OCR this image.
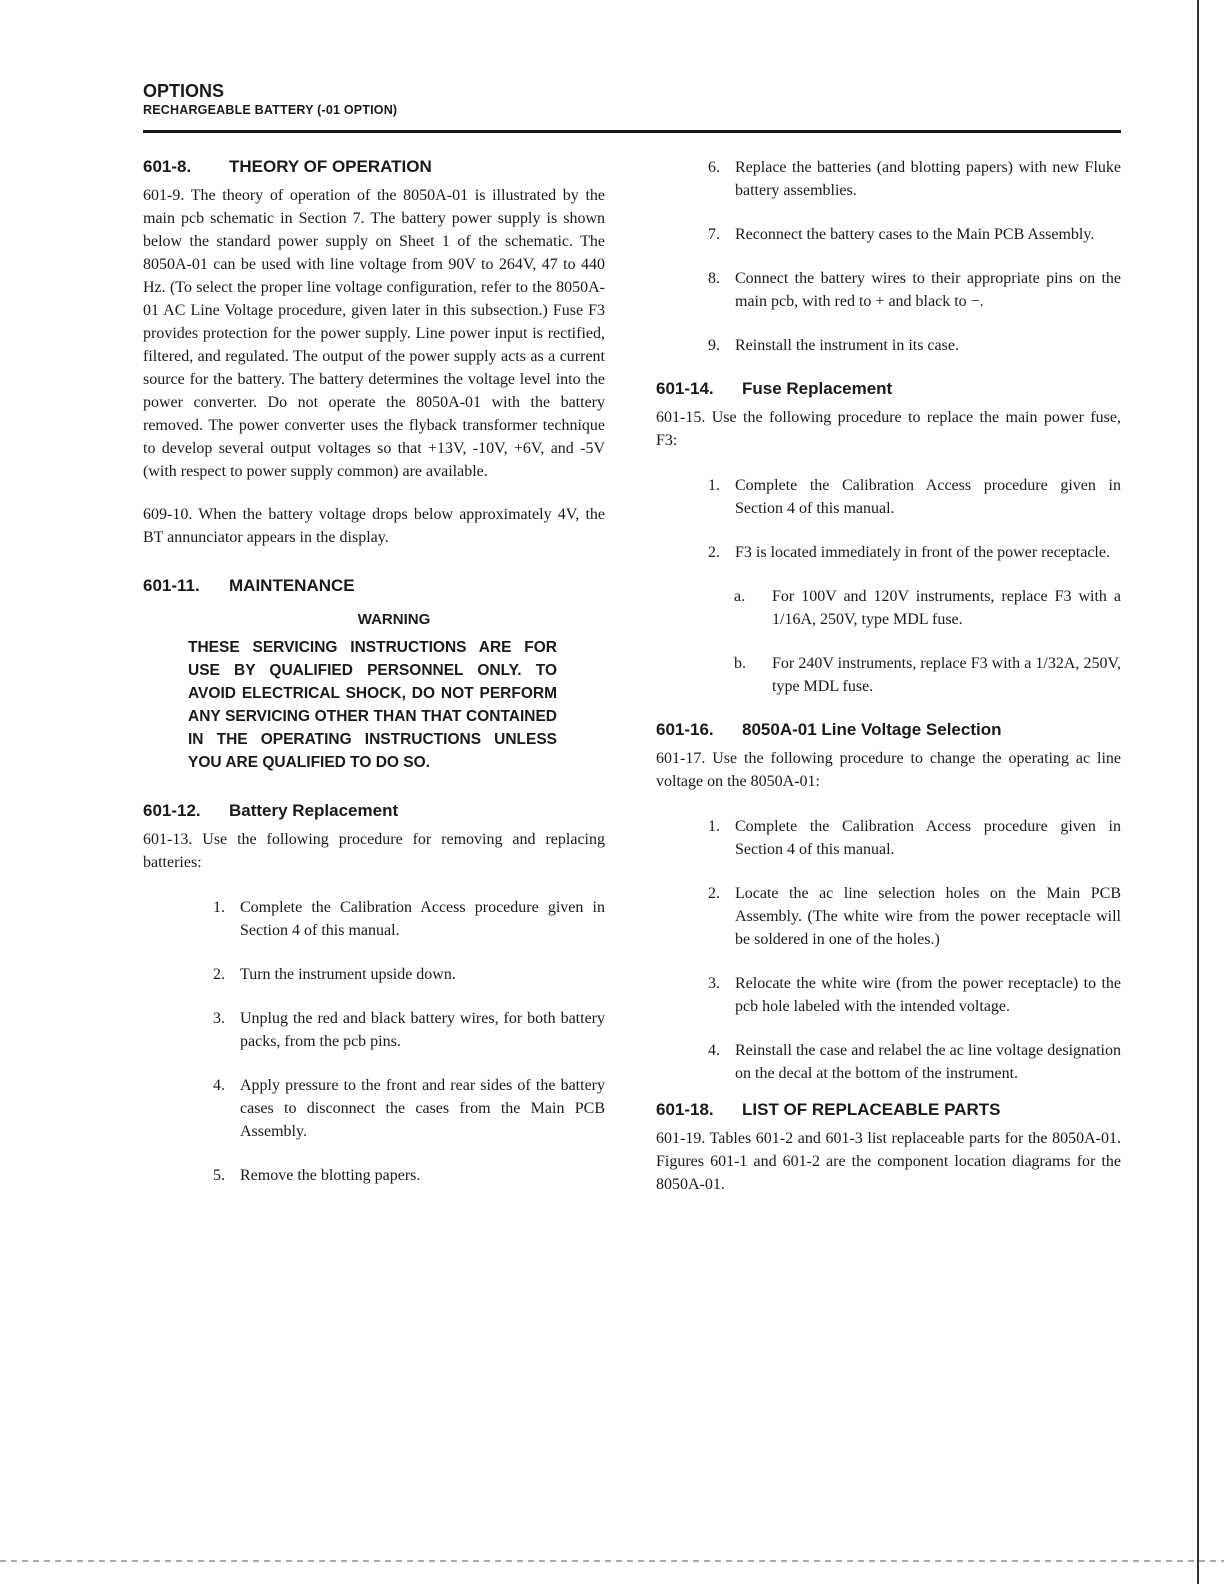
OPTIONS
RECHARGEABLE BATTERY (-01 OPTION)
601-8. THEORY OF OPERATION

601-9. The theory of operation of the 8050A-01 is illustrated by the main pcb schematic in Section 7. The battery power supply is shown below the standard power supply on Sheet 1 of the schematic. The 8050A-01 can be used with line voltage from 90V to 264V, 47 to 440 Hz. (To select the proper line voltage configuration, refer to the 8050A-01 AC Line Voltage procedure, given later in this subsection.) Fuse F3 provides protection for the power supply. Line power input is rectified, filtered, and regulated. The output of the power supply acts as a current source for the battery. The battery determines the voltage level into the power converter. Do not operate the 8050A-01 with the battery removed. The power converter uses the flyback transformer technique to develop several output voltages so that +13V, -10V, +6V, and -5V (with respect to power supply common) are available.

609-10. When the battery voltage drops below approximately 4V, the BT annunciator appears in the display.

601-11. MAINTENANCE
WARNING
THESE SERVICING INSTRUCTIONS ARE FOR USE BY QUALIFIED PERSONNEL ONLY. TO AVOID ELECTRICAL SHOCK, DO NOT PERFORM ANY SERVICING OTHER THAN THAT CONTAINED IN THE OPERATING INSTRUCTIONS UNLESS YOU ARE QUALIFIED TO DO SO.
601-12. Battery Replacement

601-13. Use the following procedure for removing and replacing batteries:

1. Complete the Calibration Access procedure given in Section 4 of this manual.
2. Turn the instrument upside down.
3. Unplug the red and black battery wires, for both battery packs, from the pcb pins.
4. Apply pressure to the front and rear sides of the battery cases to disconnect the cases from the Main PCB Assembly.
5. Remove the blotting papers.
6. Replace the batteries (and blotting papers) with new Fluke battery assemblies.
7. Reconnect the battery cases to the Main PCB Assembly.
8. Connect the battery wires to their appropriate pins on the main pcb, with red to + and black to −.
9. Reinstall the instrument in its case.
601-14. Fuse Replacement

601-15. Use the following procedure to replace the main power fuse, F3:

1. Complete the Calibration Access procedure given in Section 4 of this manual.
2. F3 is located immediately in front of the power receptacle.
a.	For 100V and 120V instruments, replace F3 with a 1/16A, 250V, type MDL fuse.
b.	For 240V instruments, replace F3 with a 1/32A, 250V, type MDL fuse.
601-16. 8050A-01 Line Voltage Selection

601-17. Use the following procedure to change the operating ac line voltage on the 8050A-01:

1. Complete the Calibration Access procedure given in Section 4 of this manual.
2. Locate the ac line selection holes on the Main PCB Assembly. (The white wire from the power receptacle will be soldered in one of the holes.)
3. Relocate the white wire (from the power receptacle) to the pcb hole labeled with the intended voltage.
4. Reinstall the case and relabel the ac line voltage designation on the decal at the bottom of the instrument.
601-18. LIST OF REPLACEABLE PARTS

601-19. Tables 601-2 and 601-3 list replaceable parts for the 8050A-01. Figures 601-1 and 601-2 are the component location diagrams for the 8050A-01.
